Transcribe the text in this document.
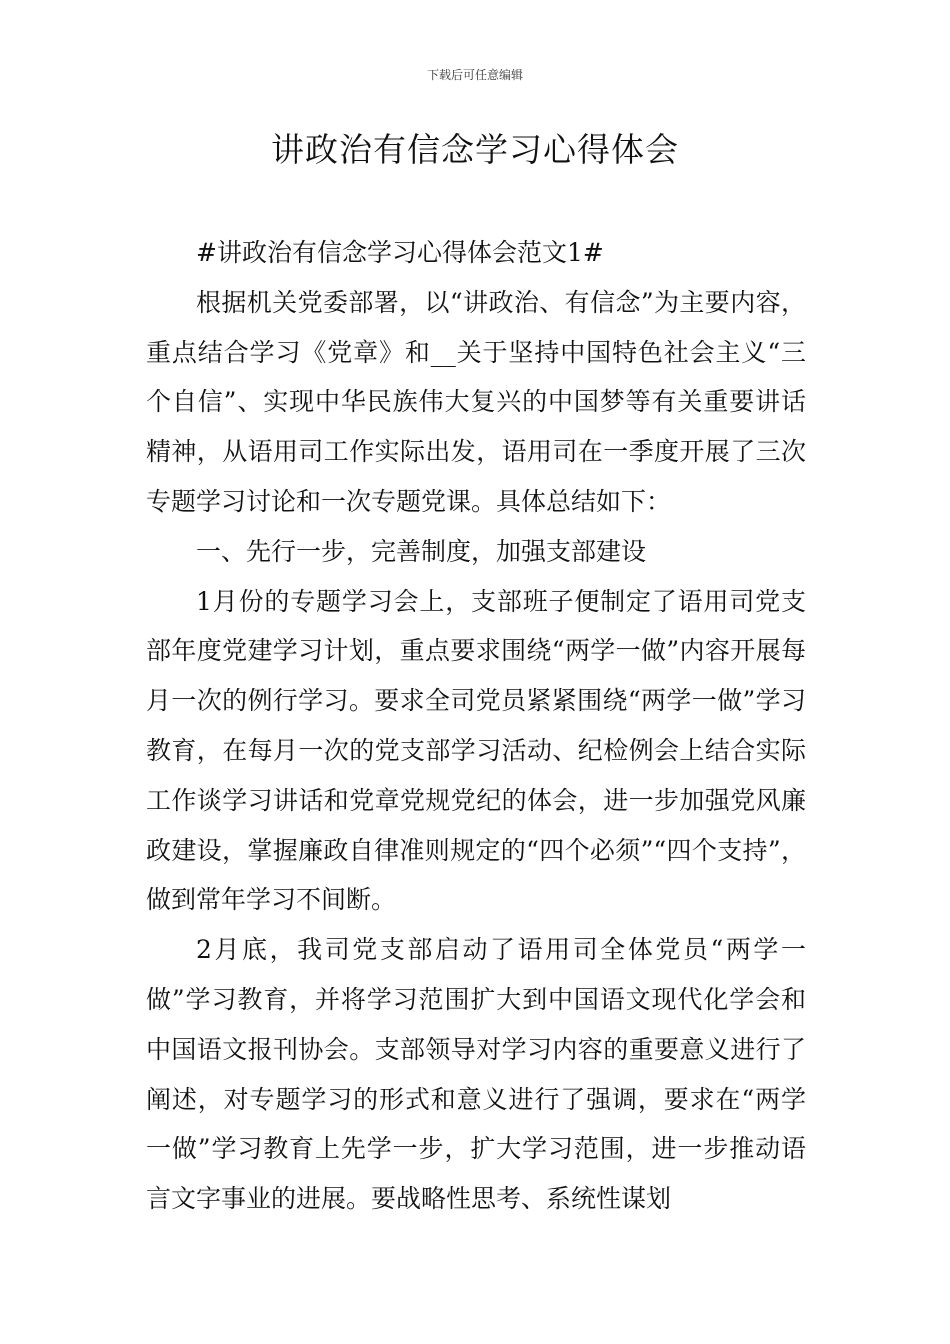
下载后可任意编辑
讲政治有信念学习心得体会

#讲政治有信念学习心得体会范文1#

根据机关党委部署，以“讲政治、有信念”为主要内容，重点结合学习《党章》和__关于坚持中国特色社会主义“三个自信”、实现中华民族伟大复兴的中国梦等有关重要讲话精神，从语用司工作实际出发，语用司在一季度开展了三次专题学习讨论和一次专题党课。具体总结如下：

一、先行一步，完善制度，加强支部建设

1月份的专题学习会上，支部班子便制定了语用司党支部年度党建学习计划，重点要求围绕“两学一做”内容开展每月一次的例行学习。要求全司党员紧紧围绕“两学一做”学习教育，在每月一次的党支部学习活动、纪检例会上结合实际工作谈学习讲话和党章党规党纪的体会，进一步加强党风廉政建设，掌握廉政自律准则规定的“四个必须”“四个支持”，做到常年学习不间断。

2月底，我司党支部启动了语用司全体党员“两学一做”学习教育，并将学习范围扩大到中国语文现代化学会和中国语文报刊协会。支部领导对学习内容的重要意义进行了阐述，对专题学习的形式和意义进行了强调，要求在“两学一做”学习教育上先学一步，扩大学习范围，进一步推动语言文字事业的进展。要战略性思考、系统性谋划
